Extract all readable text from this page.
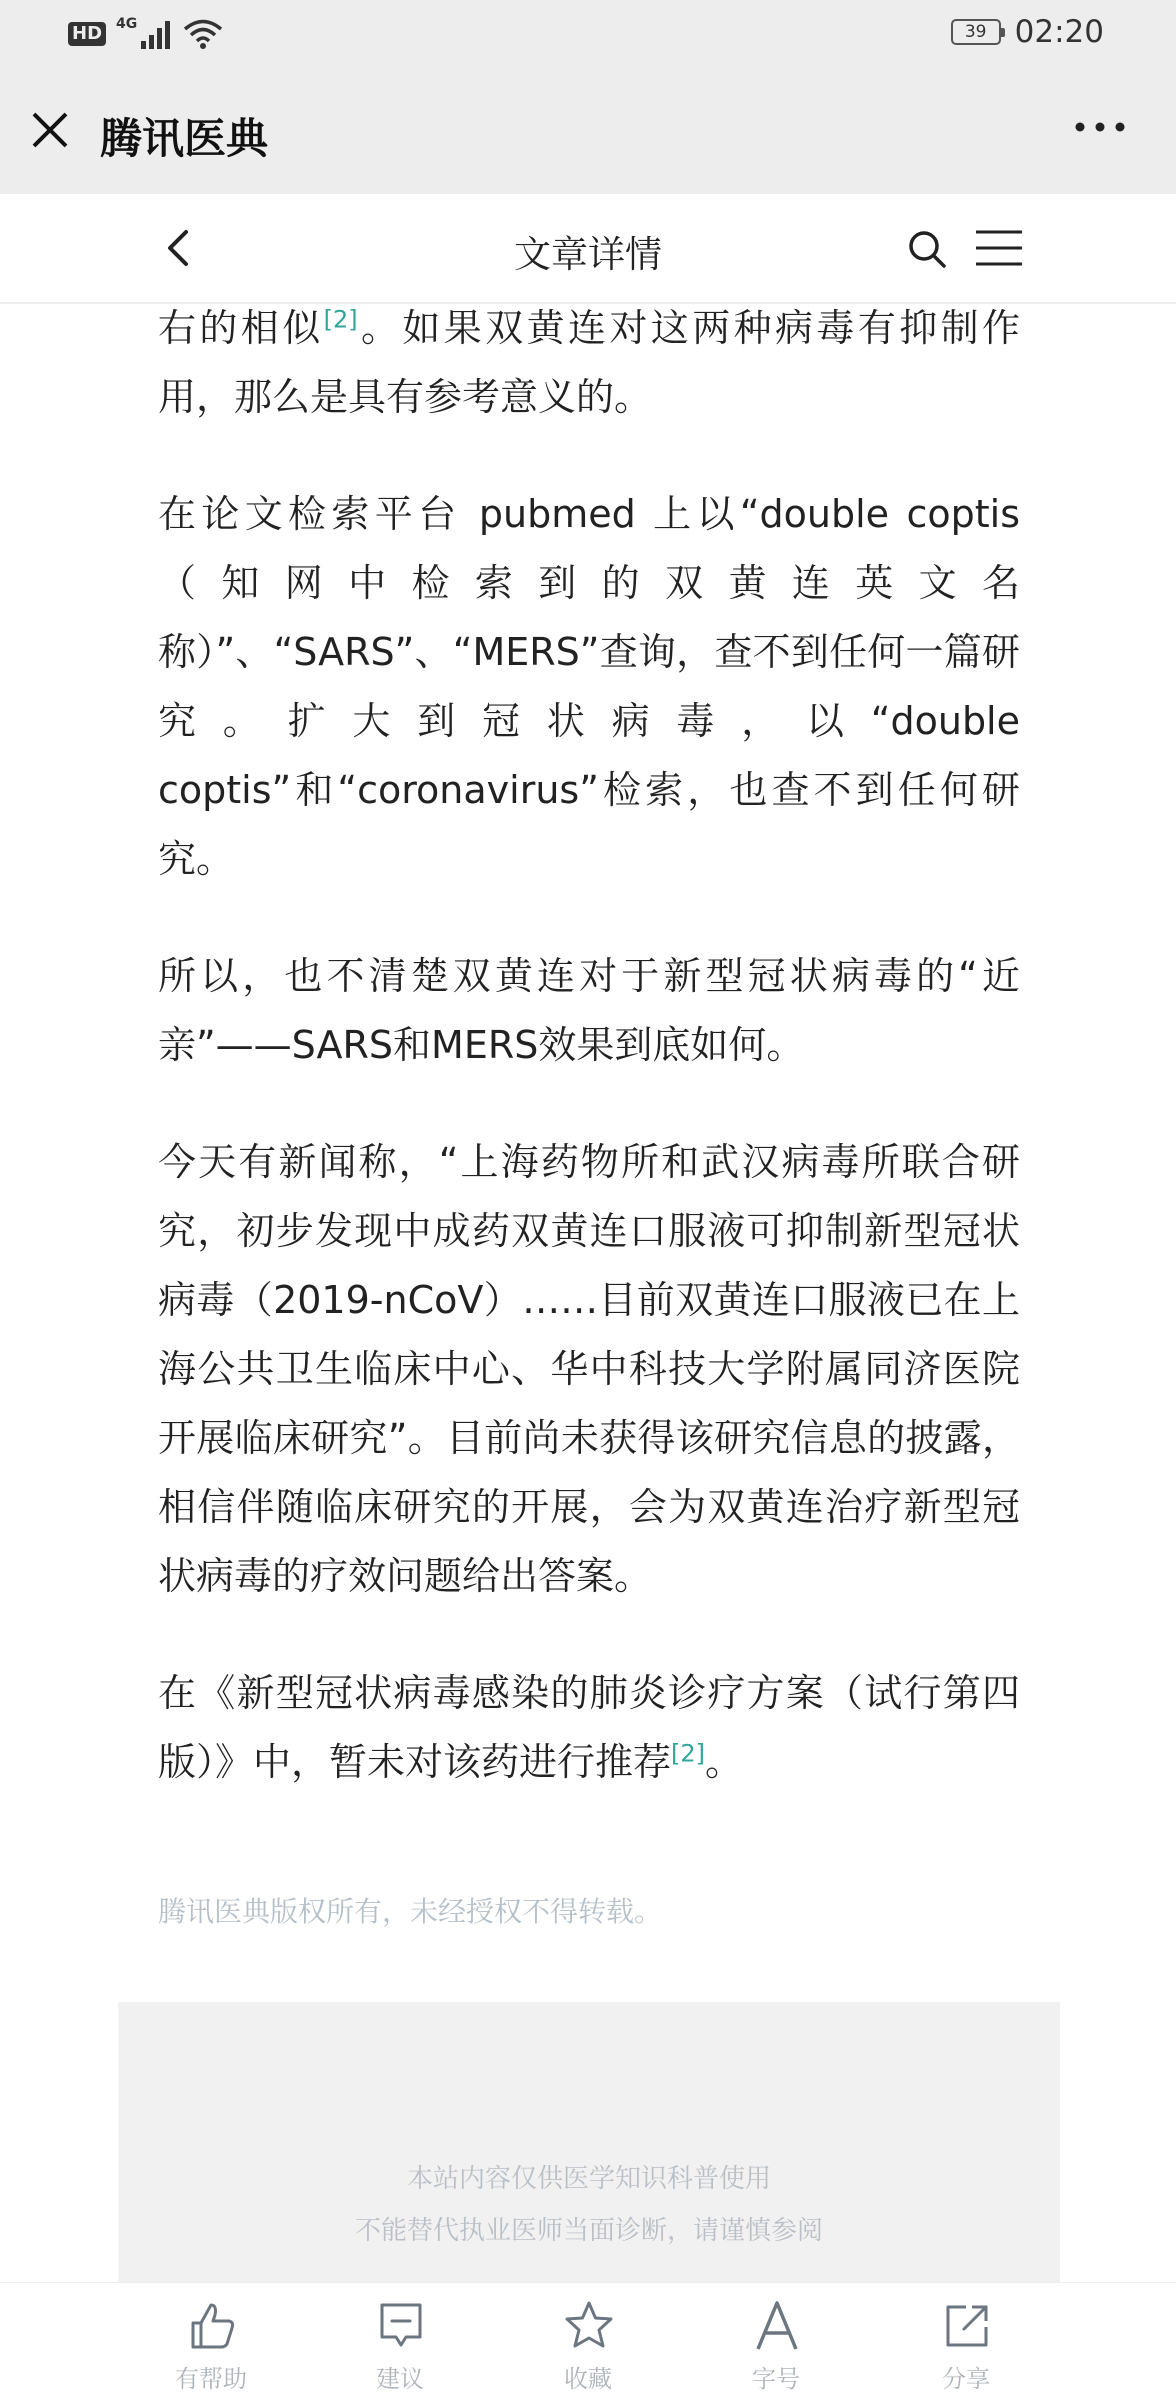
HD 4G	39 02:20
腾讯医典
文章详情

右的相似[2]。如果双黄连对这两种病毒有抑制作用，那么是具有参考意义的。

在论文检索平台 pubmed 上以“double coptis（知网中检索到的双黄连英文名称）”、“SARS”、“MERS”查询，查不到任何一篇研究。扩大到冠状病毒，以“double coptis”和“coronavirus”检索，也查不到任何研究。

所以，也不清楚双黄连对于新型冠状病毒的“近亲”——SARS和MERS效果到底如何。

今天有新闻称，“上海药物所和武汉病毒所联合研究，初步发现中成药双黄连口服液可抑制新型冠状病毒（2019-nCoV）……目前双黄连口服液已在上海公共卫生临床中心、华中科技大学附属同济医院开展临床研究”。目前尚未获得该研究信息的披露，相信伴随临床研究的开展，会为双黄连治疗新型冠状病毒的疗效问题给出答案。

在《新型冠状病毒感染的肺炎诊疗方案（试行第四版）》中，暂未对该药进行推荐[2]。

腾讯医典版权所有，未经授权不得转载。
本站内容仅供医学知识科普使用
不能替代执业医师当面诊断，请谨慎参阅
有帮助	建议	收藏	字号	分享
